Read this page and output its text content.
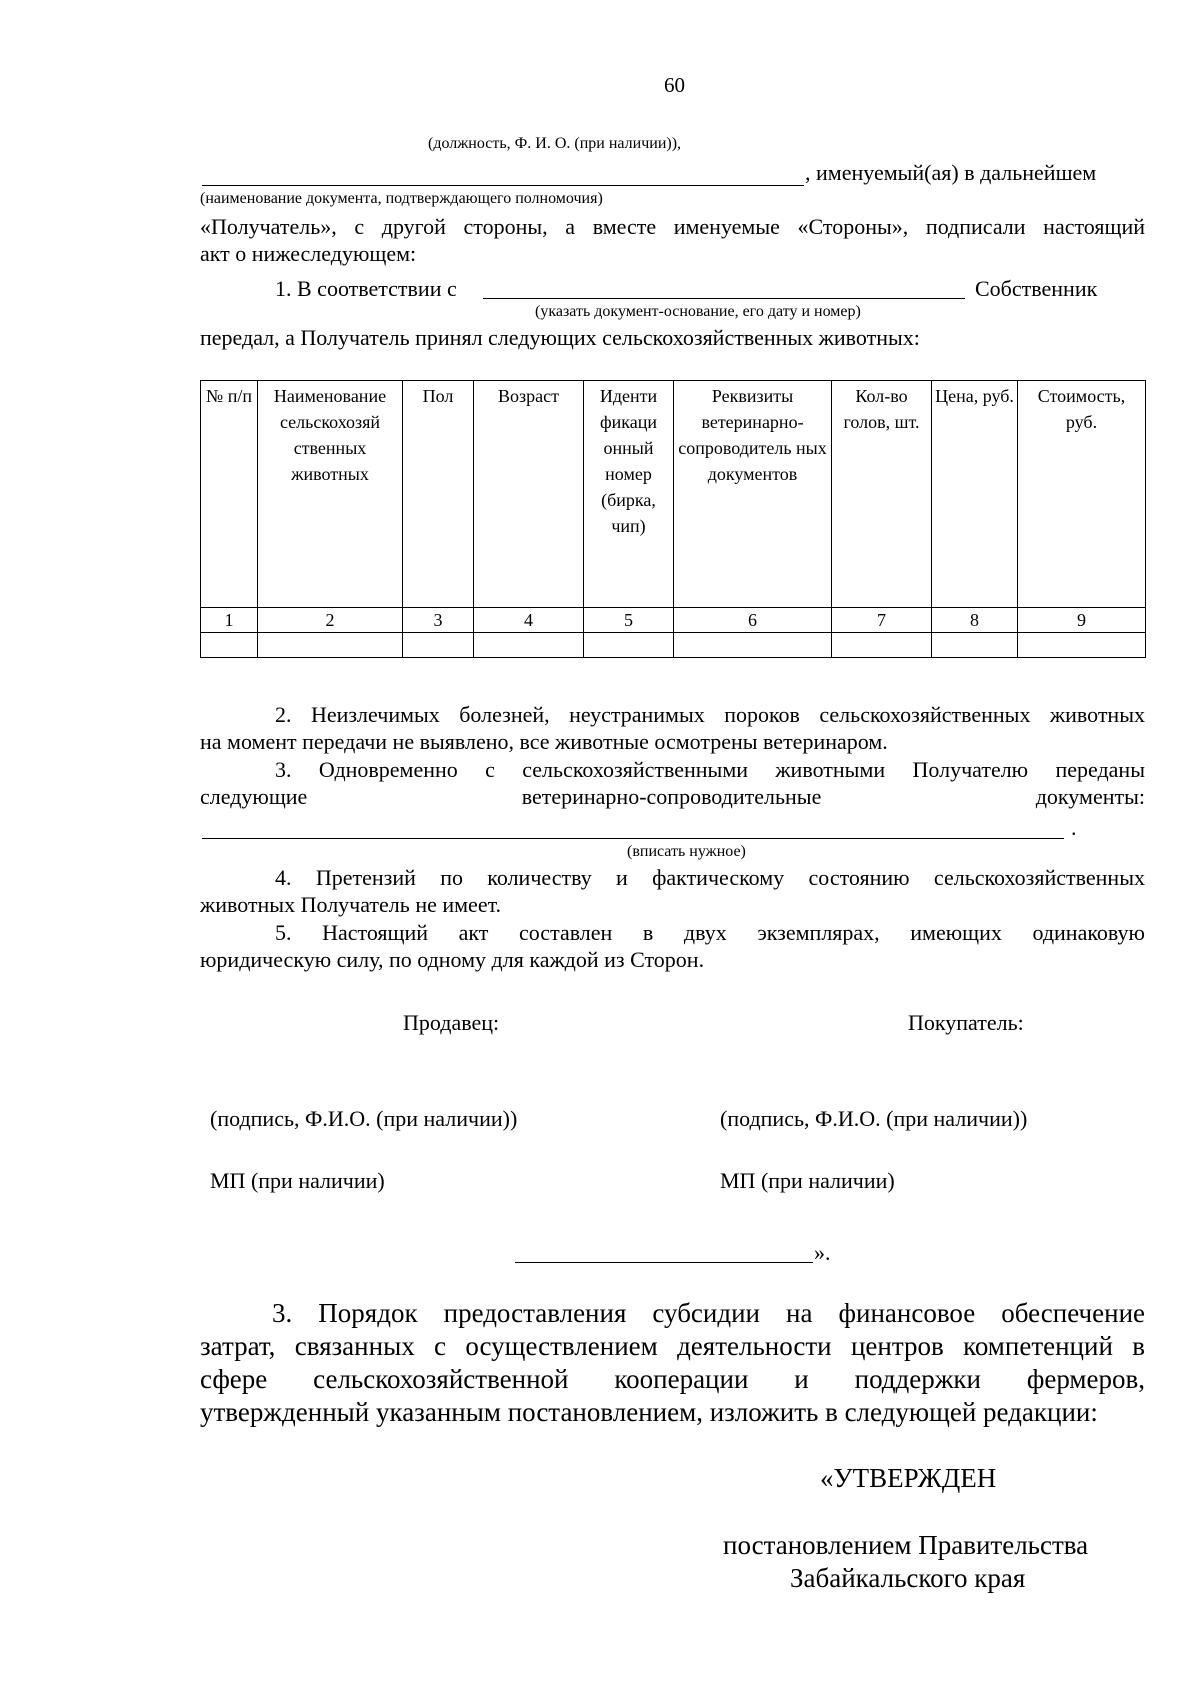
60
(должность, Ф. И. О. (при наличии)),
, именуемый(ая) в дальнейшем
(наименование документа, подтверждающего полномочия)
«Получатель», с другой стороны, а вместе именуемые «Стороны», подписали настоящий
акт о нижеследующем:
1. В соответствии с	Собственник
(указать документ-основание, его дату и номер)
передал, а Получатель принял следующих сельскохозяйственных животных:
№ п/п	Наименование сельскохозяй ственных животных	Пол	Возраст	Иденти фикаци онный номер (бирка, чип)	Реквизиты ветеринарно-сопроводитель ных документов	Кол-во голов, шт.	Цена, руб.	Стоимость, руб.
1	2	3	4	5	6	7	8	9

2. Неизлечимых болезней, неустранимых пороков сельскохозяйственных животных
на момент передачи не выявлено, все животные осмотрены ветеринаром.
3. Одновременно с сельскохозяйственными животными Получателю переданы
следующие ветеринарно-сопроводительные документы:
.
(вписать нужное)
4. Претензий по количеству и фактическому состоянию сельскохозяйственных
животных Получатель не имеет.
5. Настоящий акт составлен в двух экземплярах, имеющих одинаковую
юридическую силу, по одному для каждой из Сторон.
Продавец:	Покупатель:
(подпись, Ф.И.О. (при наличии))	(подпись, Ф.И.О. (при наличии))
МП (при наличии)	МП (при наличии)
».
3. Порядок предоставления субсидии на финансовое обеспечение
затрат, связанных с осуществлением деятельности центров компетенций в
сфере сельскохозяйственной кооперации и поддержки фермеров,
утвержденный указанным постановлением, изложить в следующей редакции:
«УТВЕРЖДЕН
постановлением Правительства
Забайкальского края
